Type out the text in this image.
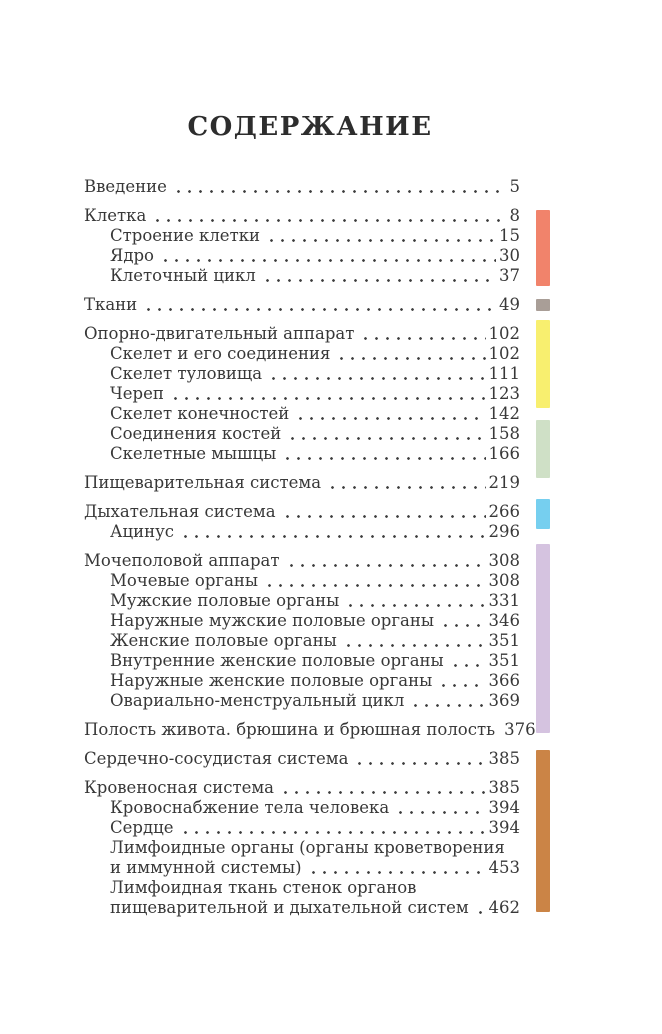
СОДЕРЖАНИЕ
Введение	5
Клетка	8
Строение клетки	15
Ядро	30
Клеточный цикл	37
Ткани	49
Опорно-двигательный аппарат	102
Скелет и его соединения	102
Скелет туловища	111
Череп	123
Скелет конечностей	142
Соединения костей	158
Скелетные мышцы	166
Пищеварительная система	219
Дыхательная система	266
Ацинус	296
Мочеполовой аппарат	308
Мочевые органы	308
Мужские половые органы	331
Наружные мужские половые органы	346
Женские половые органы	351
Внутренние женские половые органы	351
Наружные женские половые органы	366
Овариально-менструальный цикл	369
Полость живота. брюшина и брюшная полость 376
Сердечно-сосудистая система	385
Кровеносная система	385
Кровоснабжение тела человека	394
Сердце	394
Лимфоидные органы (органы кроветворения
и иммунной системы)	453
Лимфоидная ткань стенок органов
пищеварительной и дыхательной систем 462
